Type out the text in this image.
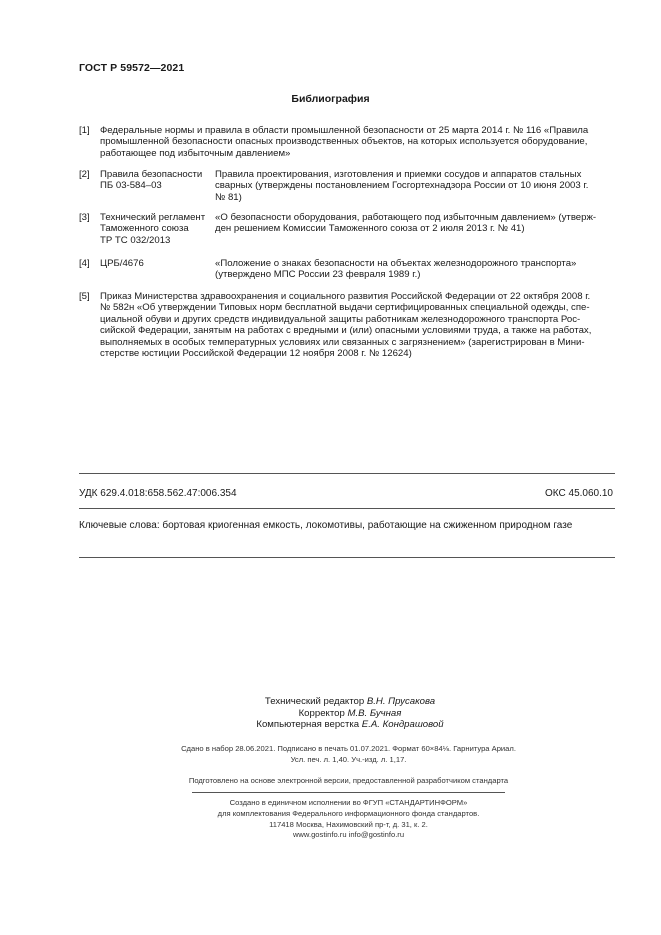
ГОСТ Р 59572—2021
Библиография
[1] Федеральные нормы и правила в области промышленной безопасности от 25 марта 2014 г. № 116 «Правила
промышленной безопасности опасных производственных объектов, на которых используется оборудование,
работающее под избыточным давлением»
[2] Правила безопасности
ПБ 03-584–03
Правила проектирования, изготовления и приемки сосудов и аппаратов стальных
сварных (утверждены постановлением Госгортехнадзора России от 10 июня 2003 г.
№ 81)
[3] Технический регламент
Таможенного союза
ТР ТС 032/2013
«О безопасности оборудования, работающего под избыточным давлением» (утверж-
ден решением Комиссии Таможенного союза от 2 июля 2013 г. № 41)
[4] ЦРБ/4676	«Положение о знаках безопасности на объектах железнодорожного транспорта»
(утверждено МПС России 23 февраля 1989 г.)
[5] Приказ Министерства здравоохранения и социального развития Российской Федерации от 22 октября 2008 г.
№ 582н «Об утверждении Типовых норм бесплатной выдачи сертифицированных специальной одежды, спе-
циальной обуви и других средств индивидуальной защиты работникам железнодорожного транспорта Рос-
сийской Федерации, занятым на работах с вредными и (или) опасными условиями труда, а также на работах,
выполняемых в особых температурных условиях или связанных с загрязнением» (зарегистрирован в Мини-
стерстве юстиции Российской Федерации 12 ноября 2008 г. № 12624)
УДК 629.4.018:658.562.47:006.354	ОКС 45.060.10
Ключевые слова: бортовая криогенная емкость, локомотивы, работающие на сжиженном природном газе
Технический редактор В.Н. Прусакова
Корректор М.В. Бучная
Компьютерная верстка Е.А. Кондрашовой
Сдано в набор 28.06.2021. Подписано в печать 01.07.2021. Формат 60×84⅛. Гарнитура Ариал.
Усл. печ. л. 1,40. Уч.-изд. л. 1,17.
Подготовлено на основе электронной версии, предоставленной разработчиком стандарта
Создано в единичном исполнении во ФГУП «СТАНДАРТИНФОРМ»
для комплектования Федерального информационного фонда стандартов.
117418 Москва, Нахимовский пр-т, д. 31, к. 2.
www.gostinfo.ru info@gostinfo.ru
